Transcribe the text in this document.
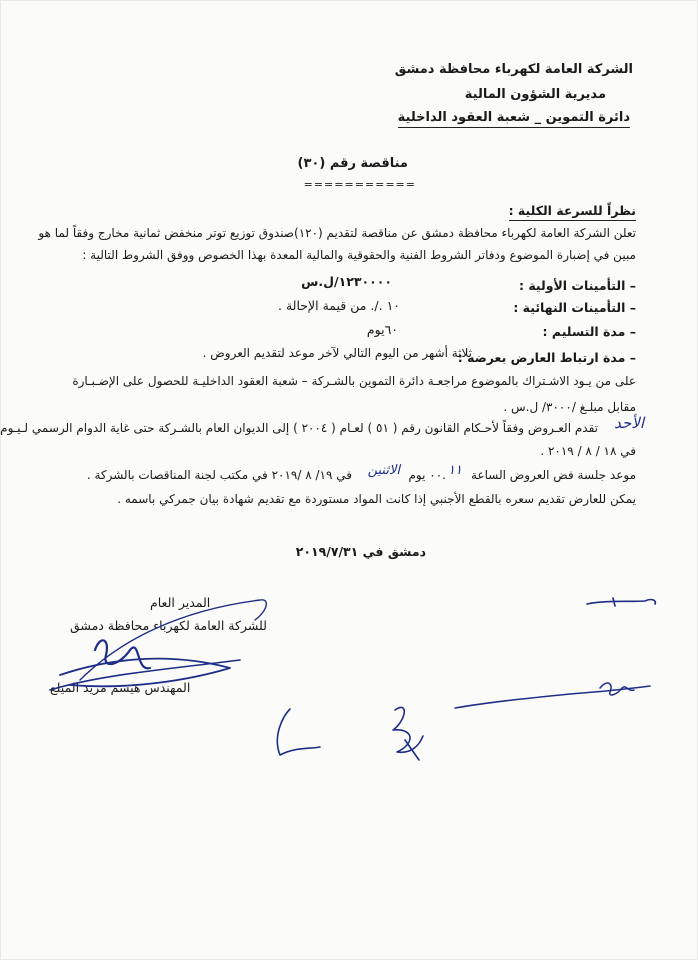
الشركة العامة لكهرباء محافظة دمشق
مديرية الشؤون المالية
دائرة التموين _ شعبة العقود الداخلية
مناقصة رقم (٣٠)
===========
نظراً للسرعة الكلية :
تعلن الشركة العامة لكهرباء محافظة دمشق عن مناقصة لتقديم (١٢٠)صندوق توزيع توتر منخفض ثمانية مخارج وفقاً لما هو
مبين في إضبارة الموضوع ودفاتر الشروط الفنية والحقوقية والمالية المعدة بهذا الخصوص ووفق الشروط التالية :
– التأمينات الأولية :
١٢٣٠٠٠٠/ل.س
– التأمينات النهائية :
١٠ ./. من قيمة الإحالة .
– مدة التسليم :
٦٠يوم
– مدة ارتباط العارض بعرضه :
ثلاثة أشهر من اليوم التالي لآخر موعد لتقديم العروض .
على من يـود الاشـتراك بالموضوع مراجعـة دائرة التموين بالشـركة – شعبة العقود الداخليـة للحصول على الإضـبـارة
مقابل مبلـغ /٣٠٠٠/ ل.س .
تقدم العـروض وفقاً لأحـكام القانون رقم ( ٥١ ) لعـام ( ٢٠٠٤ ) إلى الديوان العام بالشـركة حتى غاية الدوام الرسمي لـيـوم الأحد
في ١٨ / ٨ / ٢٠١٩ .
موعد جلسة فض العروض الساعة
١١
.٠٠ يوم
الاثنين
في ١٩/ ٨ /٢٠١٩ في مكتب لجنة المناقصات بالشركة .
يمكن للعارض تقديم سعره بالقطع الأجنبي إذا كانت المواد مستوردة مع تقديم شهادة بيان جمركي باسمه .
دمشق في ٢٠١٩/٧/٣١
المدير العام
للشركة العامة لكهرباء محافظة دمشق
المهندس هيسم مزيد الميلع
